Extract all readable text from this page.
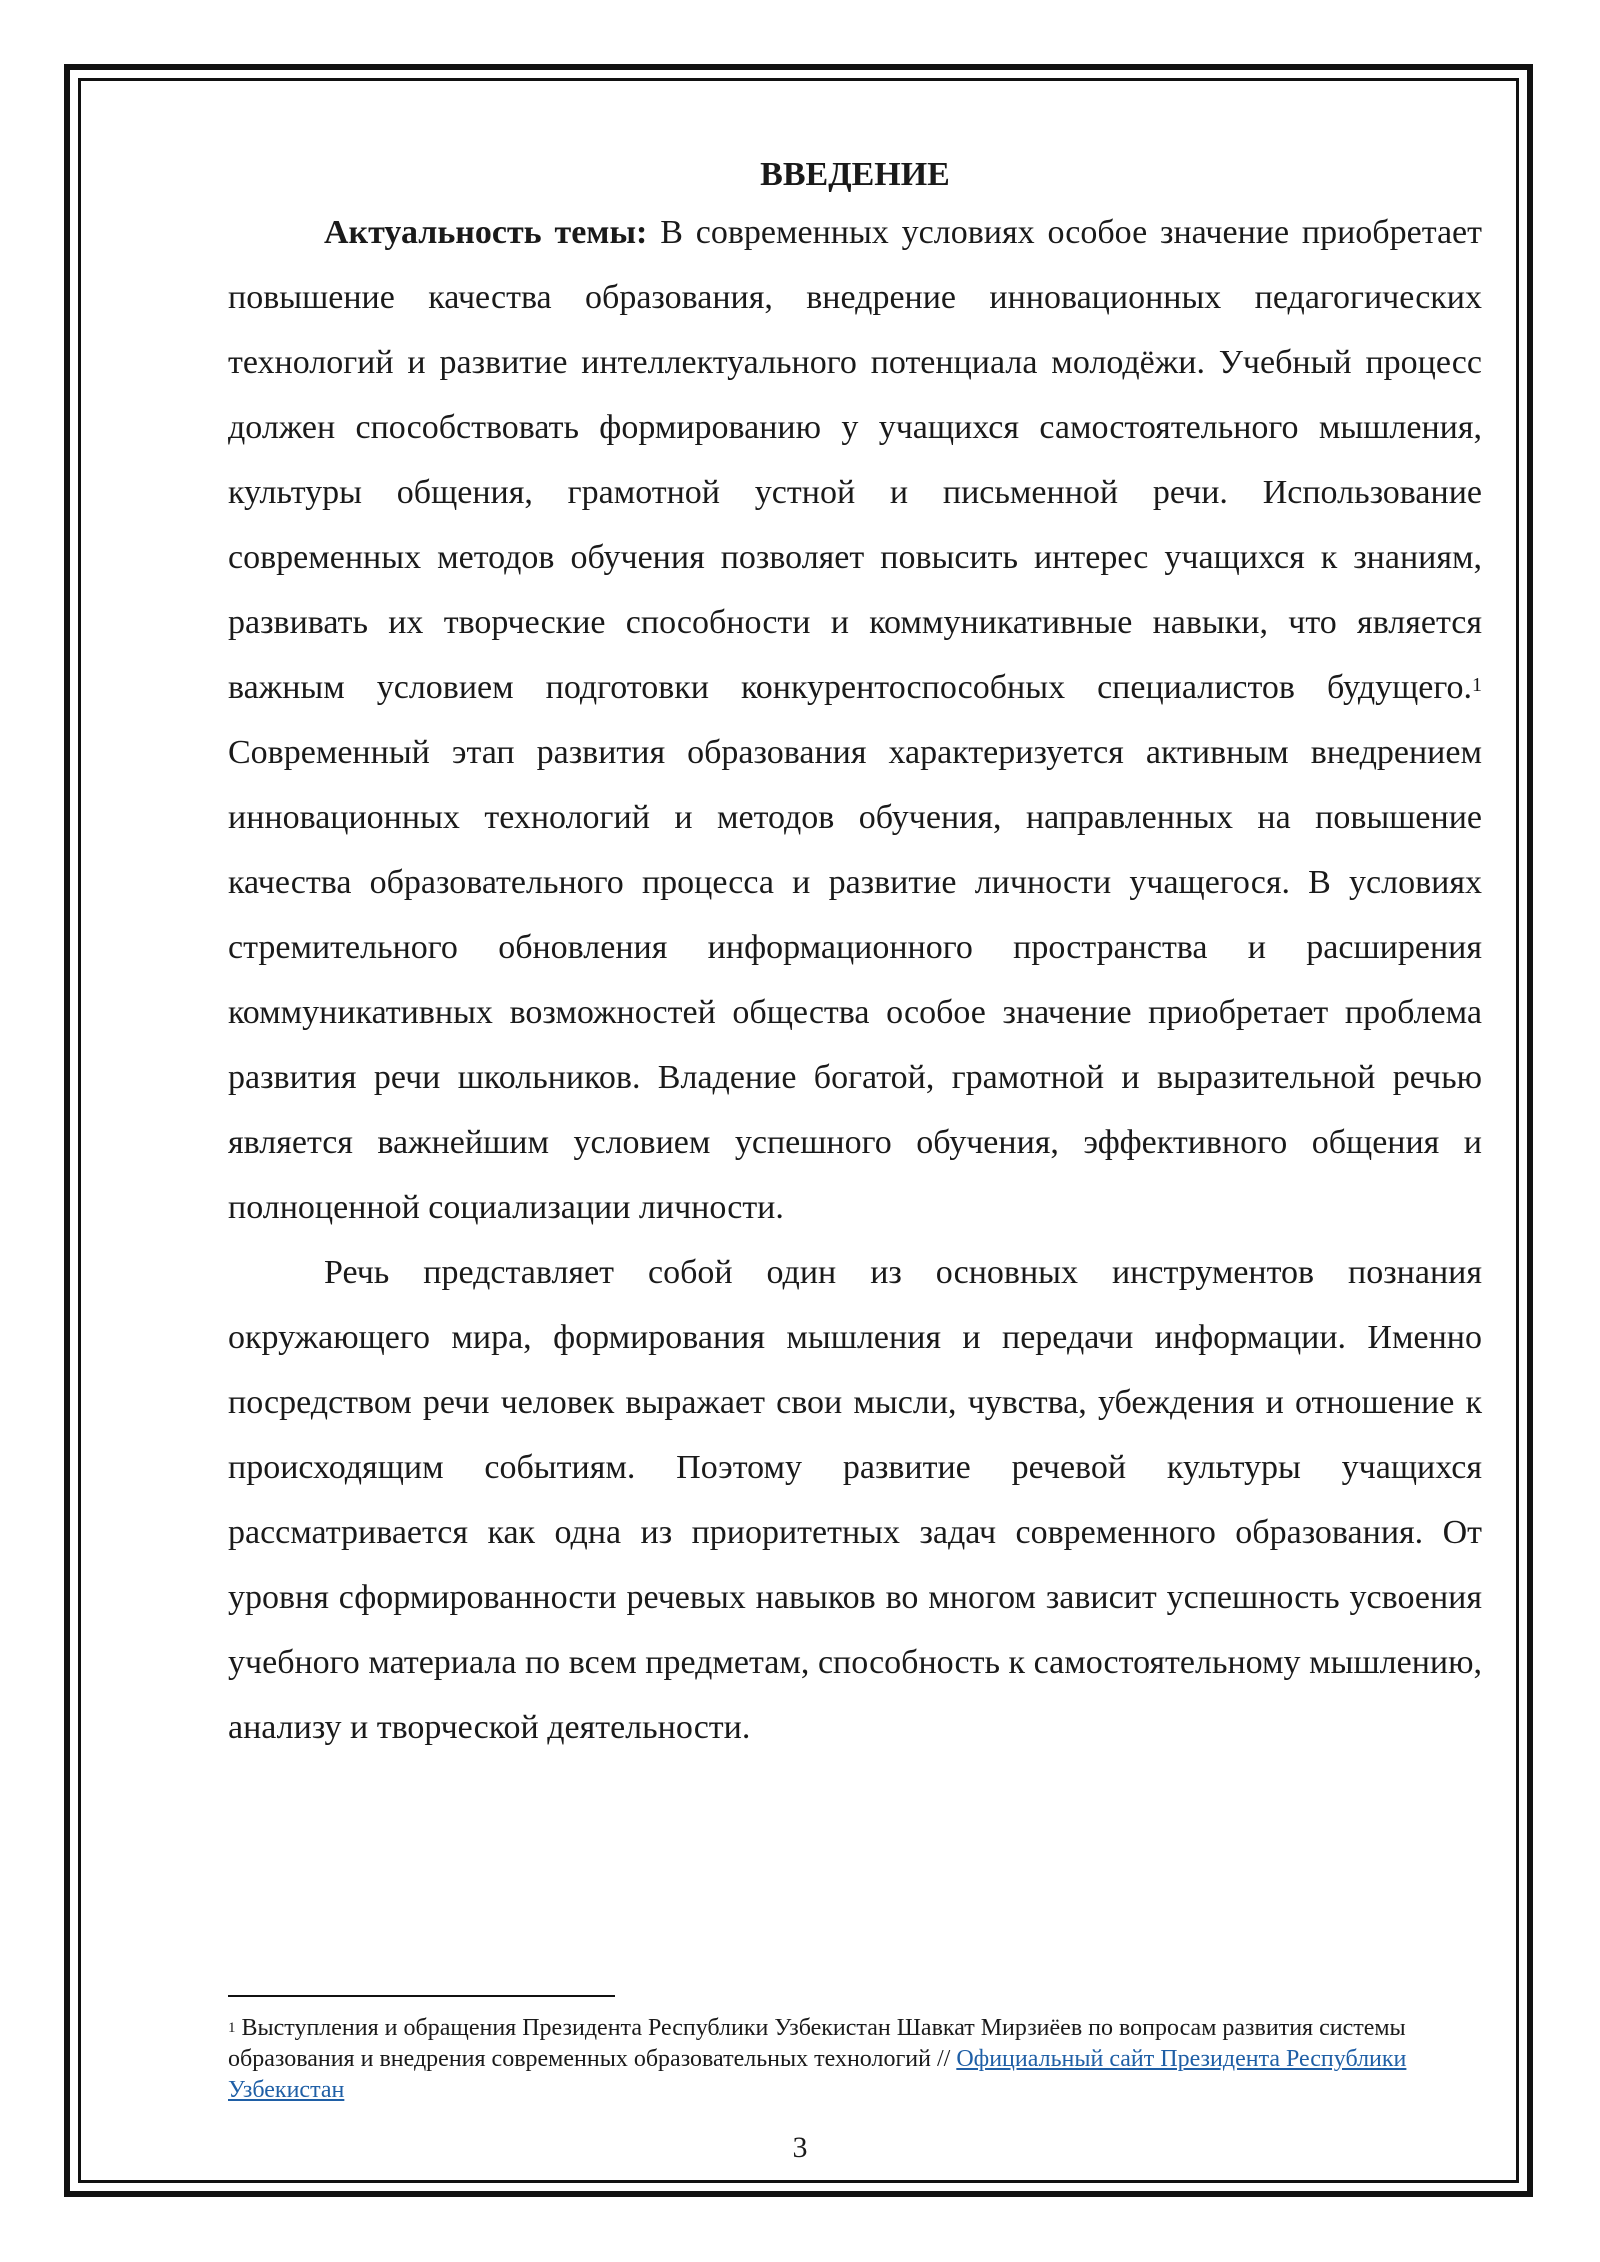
ВВЕДЕНИЕ

Актуальность темы: В современных условиях особое значение приобретает повышение качества образования, внедрение инновационных педагогических технологий и развитие интеллектуального потенциала молодёжи. Учебный процесс должен способствовать формированию у учащихся самостоятельного мышления, культуры общения, грамотной устной и письменной речи. Использование современных методов обучения позволяет повысить интерес учащихся к знаниям, развивать их творческие способности и коммуникативные навыки, что является важным условием подготовки конкурентоспособных специалистов будущего.$^1$ Современный этап развития образования характеризуется активным внедрением инновационных технологий и методов обучения, направленных на повышение качества образовательного процесса и развитие личности учащегося. В условиях стремительного обновления информационного пространства и расширения коммуникативных возможностей общества особое значение приобретает проблема развития речи школьников. Владение богатой, грамотной и выразительной речью является важнейшим условием успешного обучения, эффективного общения и полноценной социализации личности.

Речь представляет собой один из основных инструментов познания окружающего мира, формирования мышления и передачи информации. Именно посредством речи человек выражает свои мысли, чувства, убеждения и отношение к происходящим событиям. Поэтому развитие речевой культуры учащихся рассматривается как одна из приоритетных задач современного образования. От уровня сформированности речевых навыков во многом зависит успешность усвоения учебного материала по всем предметам, способность к самостоятельному мышлению, анализу и творческой деятельности.

$^1$ Выступления и обращения Президента Республики Узбекистан Шавкат Мирзиёев по вопросам развития системы образования и внедрения современных образовательных технологий // Официальный сайт Президента Республики Узбекистан

3
